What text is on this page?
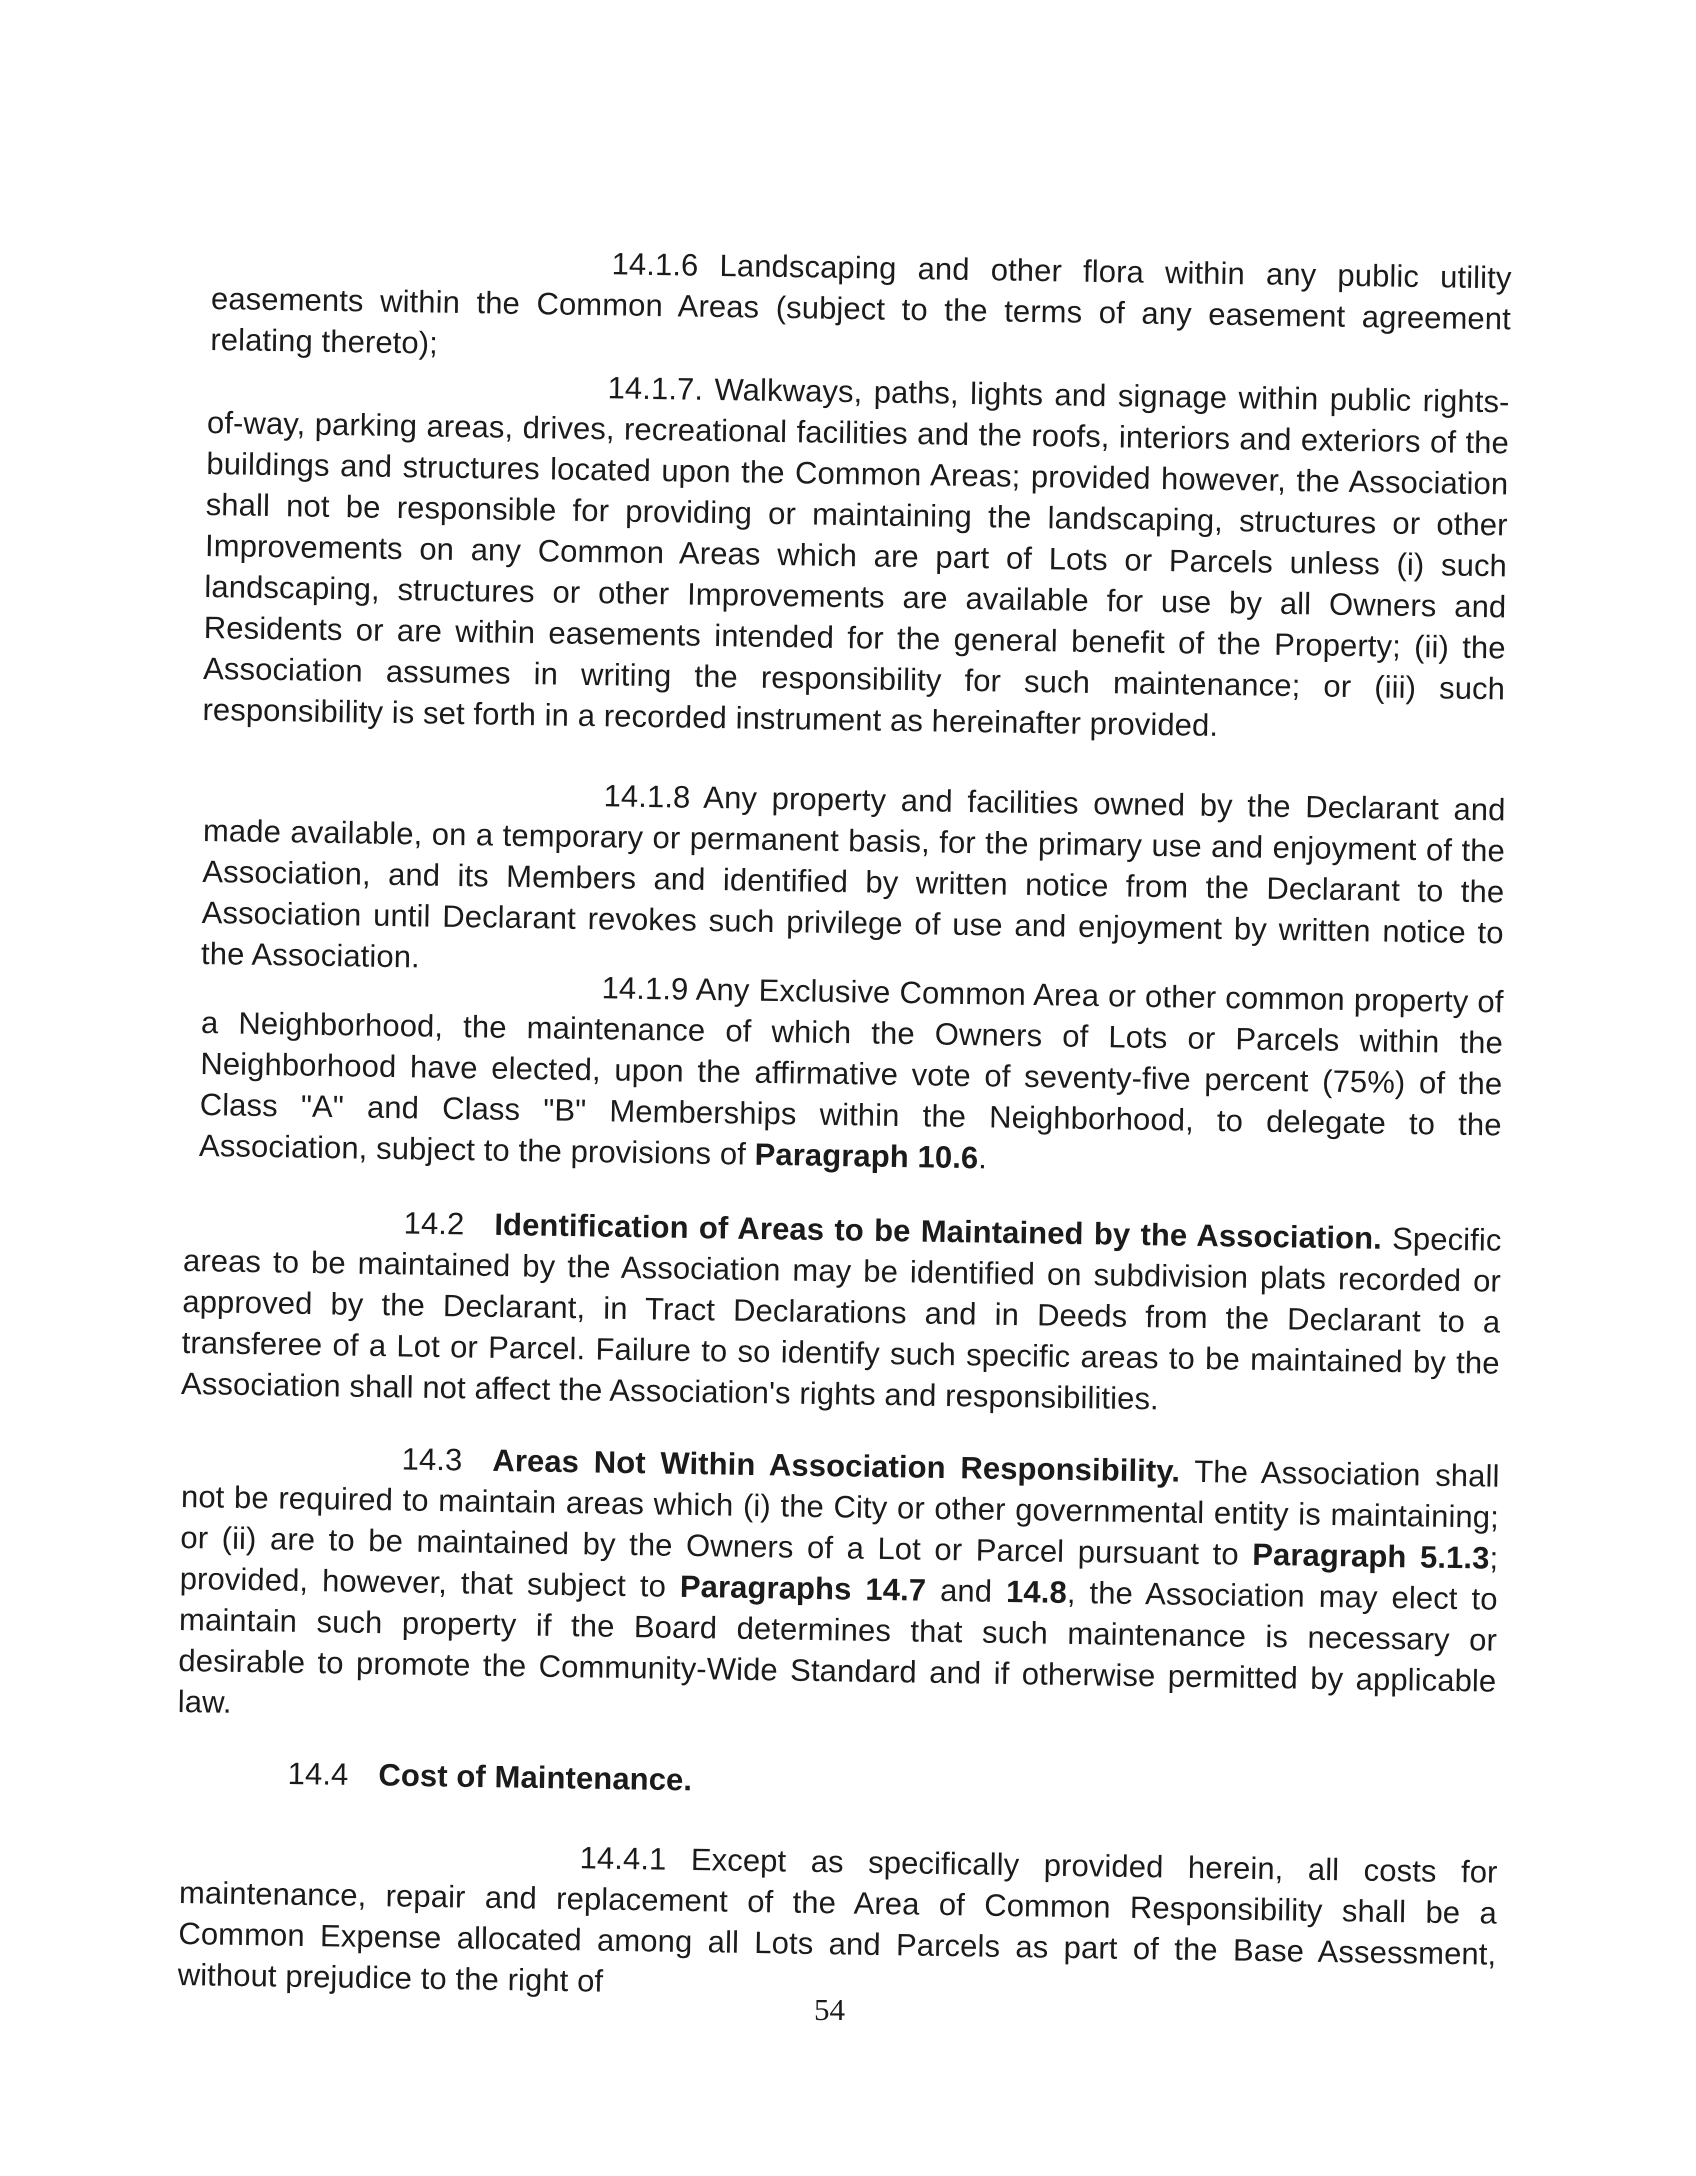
14.1.6 Landscaping and other flora within any public utility easements within the Common Areas (subject to the terms of any easement agreement relating thereto);

14.1.7. Walkways, paths, lights and signage within public rights-of-way, parking areas, drives, recreational facilities and the roofs, interiors and exteriors of the buildings and structures located upon the Common Areas; provided however, the Association shall not be responsible for providing or maintaining the landscaping, structures or other Improvements on any Common Areas which are part of Lots or Parcels unless (i) such landscaping, structures or other Improvements are available for use by all Owners and Residents or are within easements intended for the general benefit of the Property; (ii) the Association assumes in writing the responsibility for such maintenance; or (iii) such responsibility is set forth in a recorded instrument as hereinafter provided.

14.1.8 Any property and facilities owned by the Declarant and made available, on a temporary or permanent basis, for the primary use and enjoyment of the Association, and its Members and identified by written notice from the Declarant to the Association until Declarant revokes such privilege of use and enjoyment by written notice to the Association.

14.1.9 Any Exclusive Common Area or other common property of a Neighborhood, the maintenance of which the Owners of Lots or Parcels within the Neighborhood have elected, upon the affirmative vote of seventy-five percent (75%) of the Class "A" and Class "B" Memberships within the Neighborhood, to delegate to the Association, subject to the provisions of Paragraph 10.6.

14.2 Identification of Areas to be Maintained by the Association. Specific areas to be maintained by the Association may be identified on subdivision plats recorded or approved by the Declarant, in Tract Declarations and in Deeds from the Declarant to a transferee of a Lot or Parcel. Failure to so identify such specific areas to be maintained by the Association shall not affect the Association's rights and responsibilities.

14.3 Areas Not Within Association Responsibility. The Association shall not be required to maintain areas which (i) the City or other governmental entity is maintaining; or (ii) are to be maintained by the Owners of a Lot or Parcel pursuant to Paragraph 5.1.3; provided, however, that subject to Paragraphs 14.7 and 14.8, the Association may elect to maintain such property if the Board determines that such maintenance is necessary or desirable to promote the Community-Wide Standard and if otherwise permitted by applicable law.

14.4 Cost of Maintenance.

14.4.1 Except as specifically provided herein, all costs for maintenance, repair and replacement of the Area of Common Responsibility shall be a Common Expense allocated among all Lots and Parcels as part of the Base Assessment, without prejudice to the right of

54
